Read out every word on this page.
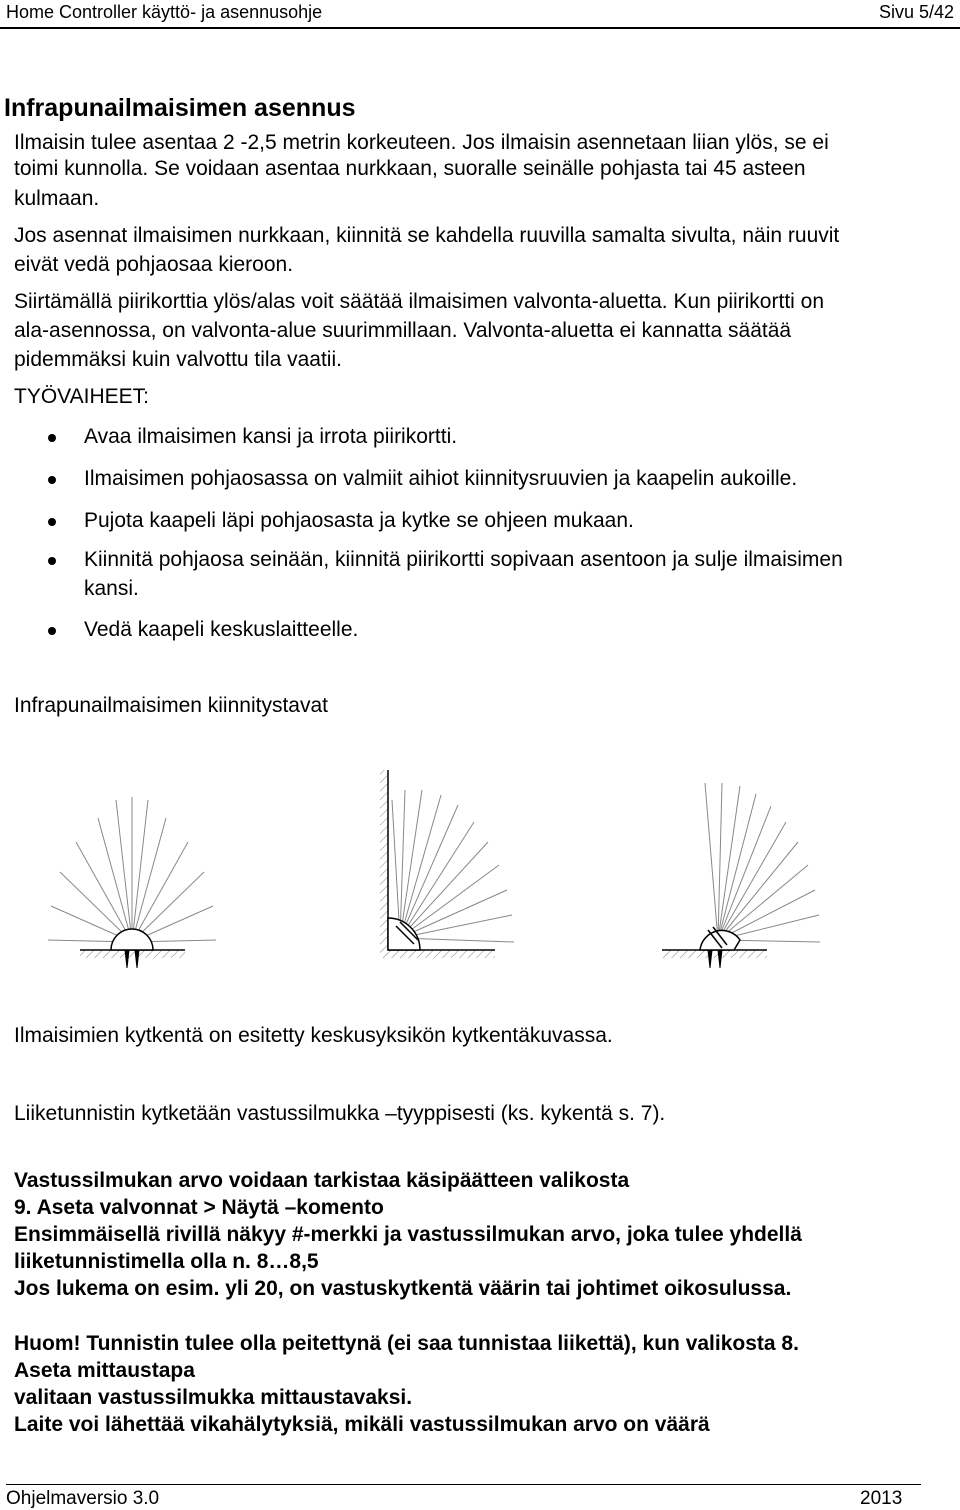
Home Controller käyttö- ja asennusohje	Sivu 5/42
Infrapunailmaisimen asennus
Ilmaisin tulee asentaa 2 -2,5 metrin korkeuteen. Jos ilmaisin asennetaan liian ylös, se ei
toimi kunnolla. Se voidaan asentaa nurkkaan, suoralle seinälle pohjasta tai 45 asteen
kulmaan.
Jos asennat ilmaisimen nurkkaan, kiinnitä se kahdella ruuvilla samalta sivulta, näin ruuvit
eivät vedä pohjaosaa kieroon.
Siirtämällä piirikorttia ylös/alas voit säätää ilmaisimen valvonta-aluetta. Kun piirikortti on
ala-asennossa, on valvonta-alue suurimmillaan. Valvonta-aluetta ei kannatta säätää
pidemmäksi kuin valvottu tila vaatii.
TYÖVAIHEET:
Avaa ilmaisimen kansi ja irrota piirikortti.
Ilmaisimen pohjaosassa on valmiit aihiot kiinnitysruuvien ja kaapelin aukoille.
Pujota kaapeli läpi pohjaosasta ja kytke se ohjeen mukaan.
Kiinnitä pohjaosa seinään, kiinnitä piirikortti sopivaan asentoon ja sulje ilmaisimen
kansi.
Vedä kaapeli keskuslaitteelle.
Infrapunailmaisimen kiinnitystavat
Ilmaisimien kytkentä on esitetty keskusyksikön kytkentäkuvassa.
Liiketunnistin kytketään vastussilmukka –tyyppisesti (ks. kykentä s. 7).
Vastussilmukan arvo voidaan tarkistaa käsipäätteen valikosta
9. Aseta valvonnat > Näytä –komento
Ensimmäisellä rivillä näkyy #-merkki ja vastussilmukan arvo, joka tulee yhdellä
liiketunnistimella olla n. 8…8,5
Jos lukema on esim. yli 20, on vastuskytkentä väärin tai johtimet oikosulussa.
Huom! Tunnistin tulee olla peitettynä (ei saa tunnistaa liikettä), kun valikosta 8.
Aseta mittaustapa
valitaan vastussilmukka mittaustavaksi.
Laite voi lähettää vikahälytyksiä, mikäli vastussilmukan arvo on väärä
Ohjelmaversio 3.0	2013
